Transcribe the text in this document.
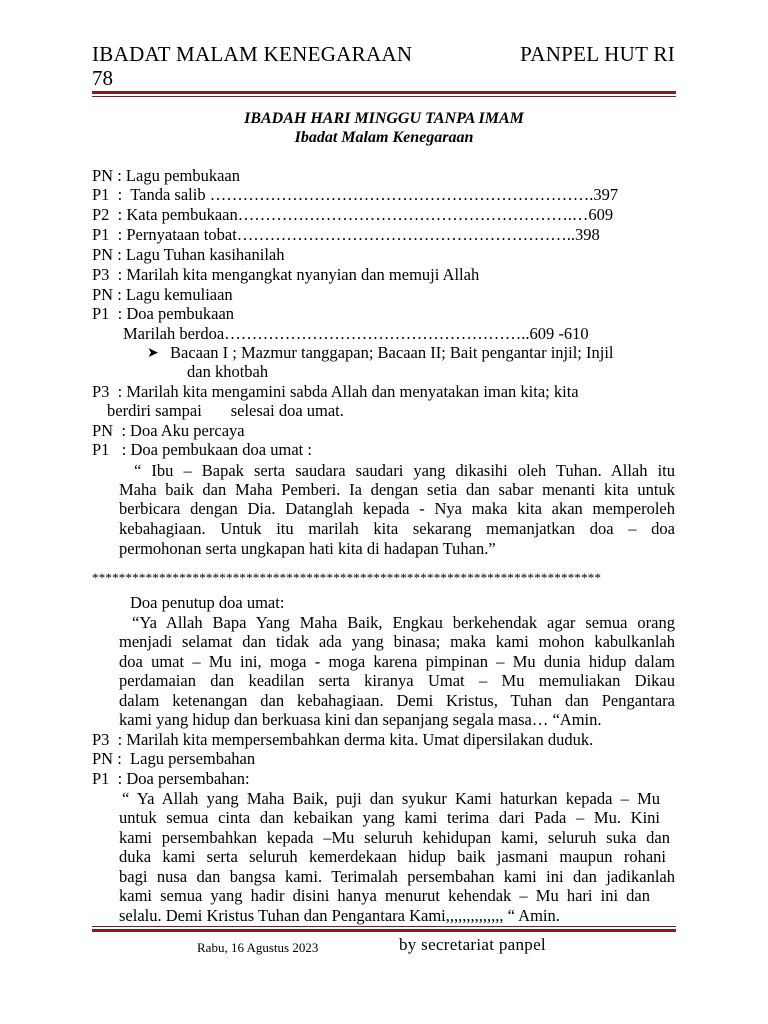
IBADAT MALAM KENEGARAAN	PANPEL HUT RI
78
IBADAH HARI MINGGU TANPA IMAM
Ibadat Malam Kenegaraan
PN : Lagu pembukaan
P1  :  Tanda salib …………………………………………………………….397
P2  : Kata pembukaan…………………………………………………….…609
P1  : Pernyataan tobat……………………………………………………..398
PN : Lagu Tuhan kasihanilah
P3  : Marilah kita mengangkat nyanyian dan memuji Allah
PN : Lagu kemuliaan
P1  : Doa pembukaan
Marilah berdoa………………………………………………..609 -610
➤ Bacaan I ; Mazmur tanggapan; Bacaan II; Bait pengantar injil; Injil
dan khotbah
P3  : Marilah kita mengamini sabda Allah dan menyatakan iman kita; kita
berdiri sampai       selesai doa umat.
PN  : Doa Aku percaya
P1   : Doa pembukaan doa umat :
“ Ibu – Bapak serta saudara saudari yang dikasihi oleh Tuhan. Allah itu
Maha baik dan Maha Pemberi. Ia dengan setia dan sabar menanti kita untuk
berbicara dengan Dia. Datanglah kepada - Nya maka kita akan memperoleh
kebahagiaan. Untuk itu marilah kita sekarang memanjatkan doa – doa
permohonan serta ungkapan hati kita di hadapan Tuhan.”
****************************************************************************
Doa penutup doa umat:
“Ya Allah Bapa Yang Maha Baik, Engkau berkehendak agar semua orang
menjadi selamat dan tidak ada yang binasa; maka kami mohon kabulkanlah
doa umat – Mu ini, moga - moga karena pimpinan – Mu dunia hidup dalam
perdamaian dan keadilan serta kiranya Umat – Mu memuliakan Dikau
dalam ketenangan dan kebahagiaan. Demi Kristus, Tuhan dan Pengantara
kami yang hidup dan berkuasa kini dan sepanjang segala masa… “Amin.
P3  : Marilah kita mempersembahkan derma kita. Umat dipersilakan duduk.
PN :  Lagu persembahan
P1  : Doa persembahan:
“ Ya Allah yang Maha Baik, puji dan syukur Kami haturkan kepada – Mu
untuk semua cinta dan kebaikan yang kami terima dari Pada – Mu. Kini
kami persembahkan kepada –Mu seluruh kehidupan kami, seluruh suka dan
duka kami serta seluruh kemerdekaan hidup baik jasmani maupun rohani
bagi nusa dan bangsa kami. Terimalah persembahan kami ini dan jadikanlah
kami semua yang hadir disini hanya menurut kehendak – Mu hari ini dan
selalu. Demi Kristus Tuhan dan Pengantara Kami,,,,,,,,,,,,,, “ Amin.
Rabu, 16 Agustus 2023	by secretariat panpel
